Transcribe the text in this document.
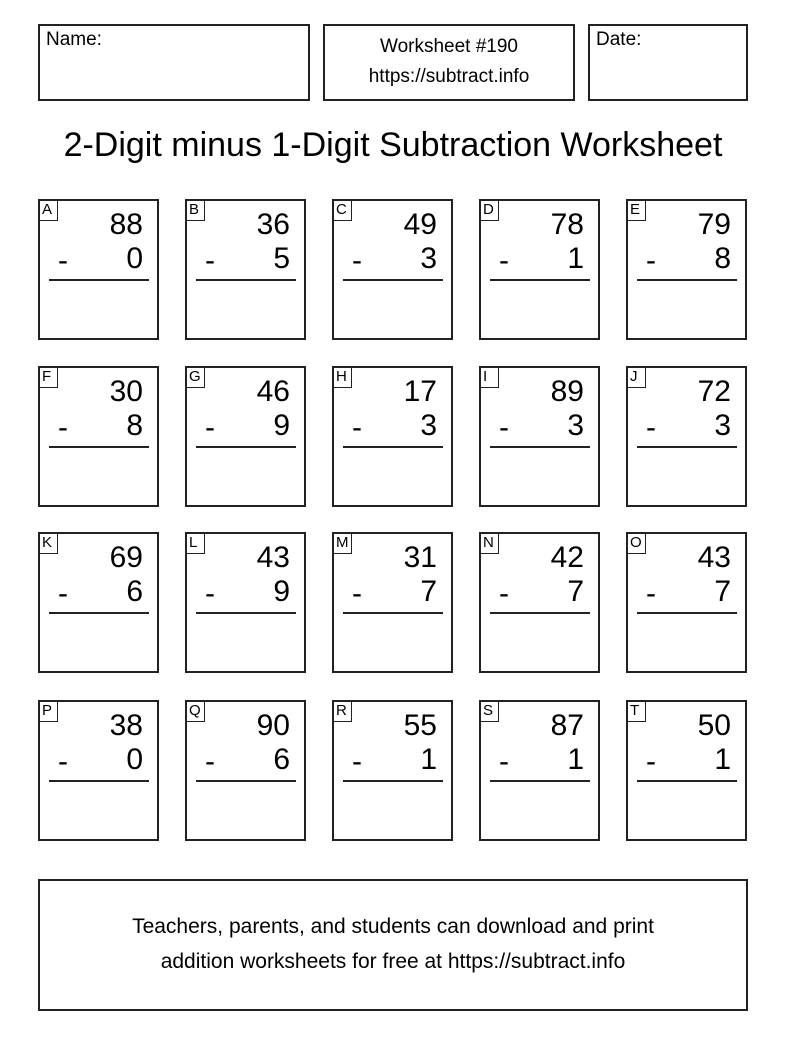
Name:	Worksheet #190
https://subtract.info
Date:
2-Digit minus 1-Digit Subtraction Worksheet
A 88
- 0
B 36
- 5
C 49
- 3
D 78
- 1
E 79
- 8
F 30
- 8
G 46
- 9
H 17
- 3
I	89
- 3
J 72
- 3
K 69
- 6
L 43
- 9
M 31
- 7
N 42
- 7
O 43
- 7
P 38
- 0
Q 90
- 6
R 55
- 1
S 87
- 1
T 50
- 1
Teachers, parents, and students can download and print
addition worksheets for free at https://subtract.info
